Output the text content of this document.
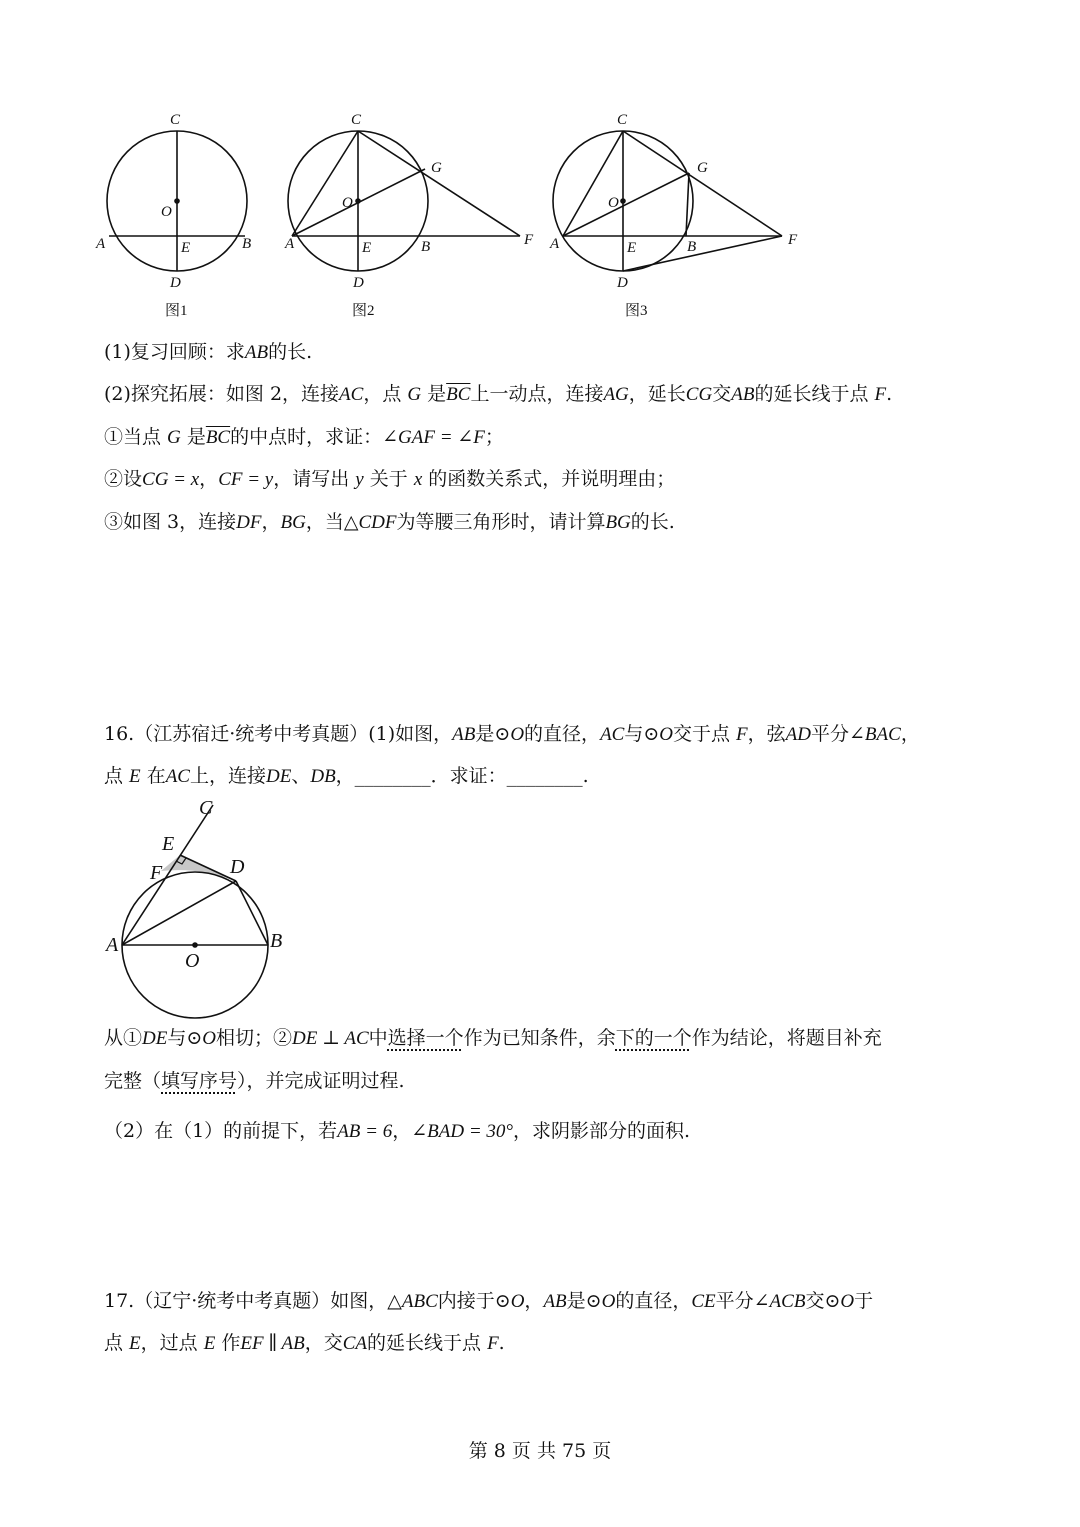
C
O
A	E	B
D
图1
C
G
O
A	E	B	F
D
图2
C
G
O
A	E	B	F
D
图3
(1)复习回顾：求AB的长.
(2)探究拓展：如图 2，连接AC，点 G 是$\overline{BC}$上一动点，连接AG，延长CG交AB的延长线于点 F.
①当点 G 是$\overline{BC}$的中点时，求证：∠GAF = ∠F；
②设CG = x，CF = y，请写出 y 关于 x 的函数关系式，并说明理由；
③如图 3，连接DF，BG，当△CDF为等腰三角形时，请计算BG的长.
16.（江苏宿迁·统考中考真题）(1)如图，AB是⊙O的直径，AC与⊙O交于点 F，弦AD平分∠BAC，
点 E 在AC上，连接DE、DB，________．求证：________.
C
E
F	D
A	B
O
从①DE与⊙O相切；②DE ⊥ AC中选择一个作为已知条件，余下的一个作为结论，将题目补充
完整（填写序号），并完成证明过程.
（2）在（1）的前提下，若AB = 6，∠BAD = 30°，求阴影部分的面积.
17.（辽宁·统考中考真题）如图，△ABC内接于⊙O，AB是⊙O的直径，CE平分∠ACB交⊙O于
点 E，过点 E 作EF ∥ AB，交CA的延长线于点 F.
第 8 页 共 75 页
